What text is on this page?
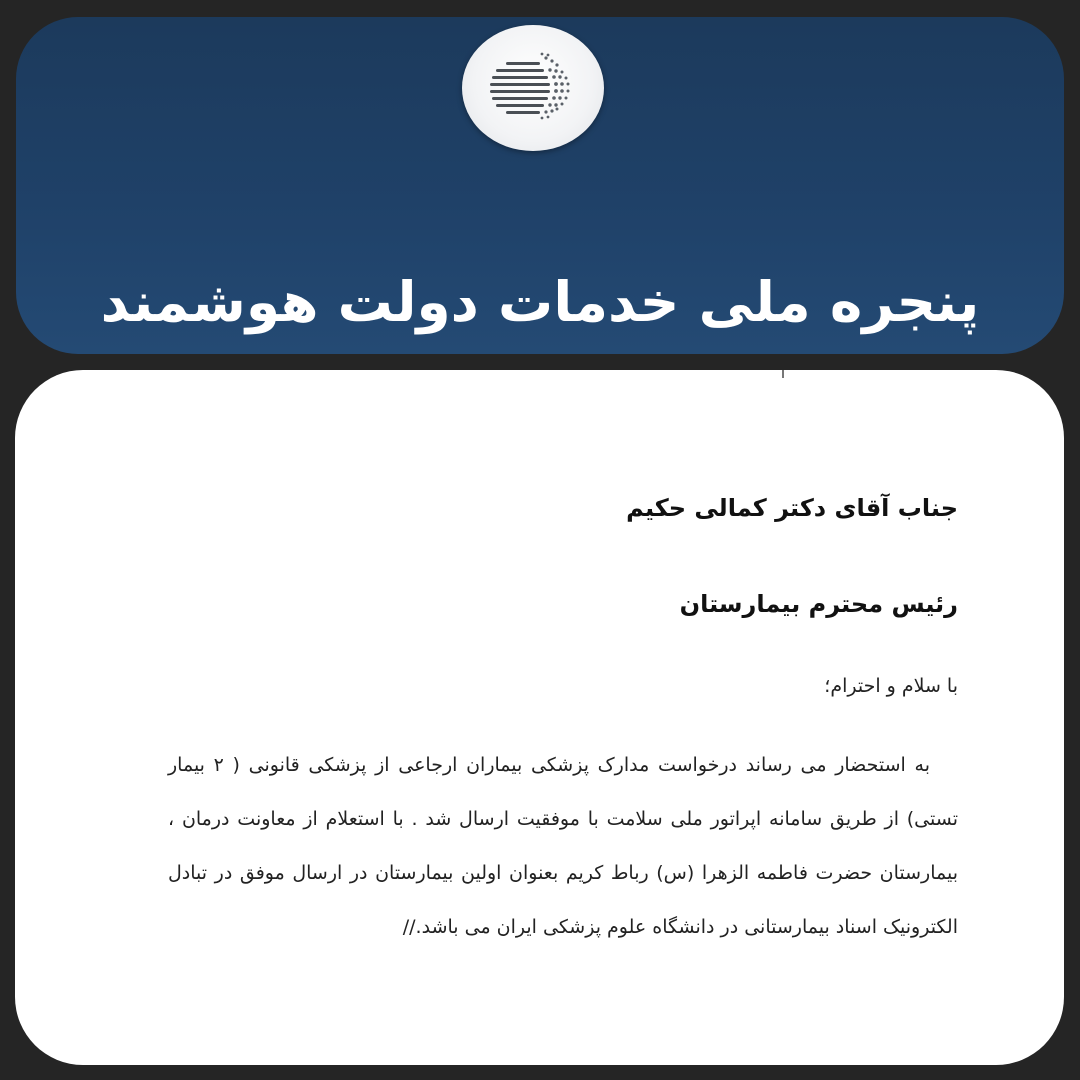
پنجره ملی خدمات دولت هوشمند
جناب آقای دکتر کمالی حکیم
رئیس محترم بیمارستان
با سلام و احترام؛
به استحضار می رساند درخواست مدارک پزشکی بیماران ارجاعی از پزشکی قانونی ( ۲ بیمار تستی) از طریق سامانه اپراتور ملی سلامت با موفقیت ارسال شد . با استعلام از معاونت درمان ، بیمارستان حضرت فاطمه الزهرا (س) رباط کریم بعنوان اولین بیمارستان در ارسال موفق در تبادل الکترونیک اسناد بیمارستانی در دانشگاه علوم پزشکی ایران می باشد.//
